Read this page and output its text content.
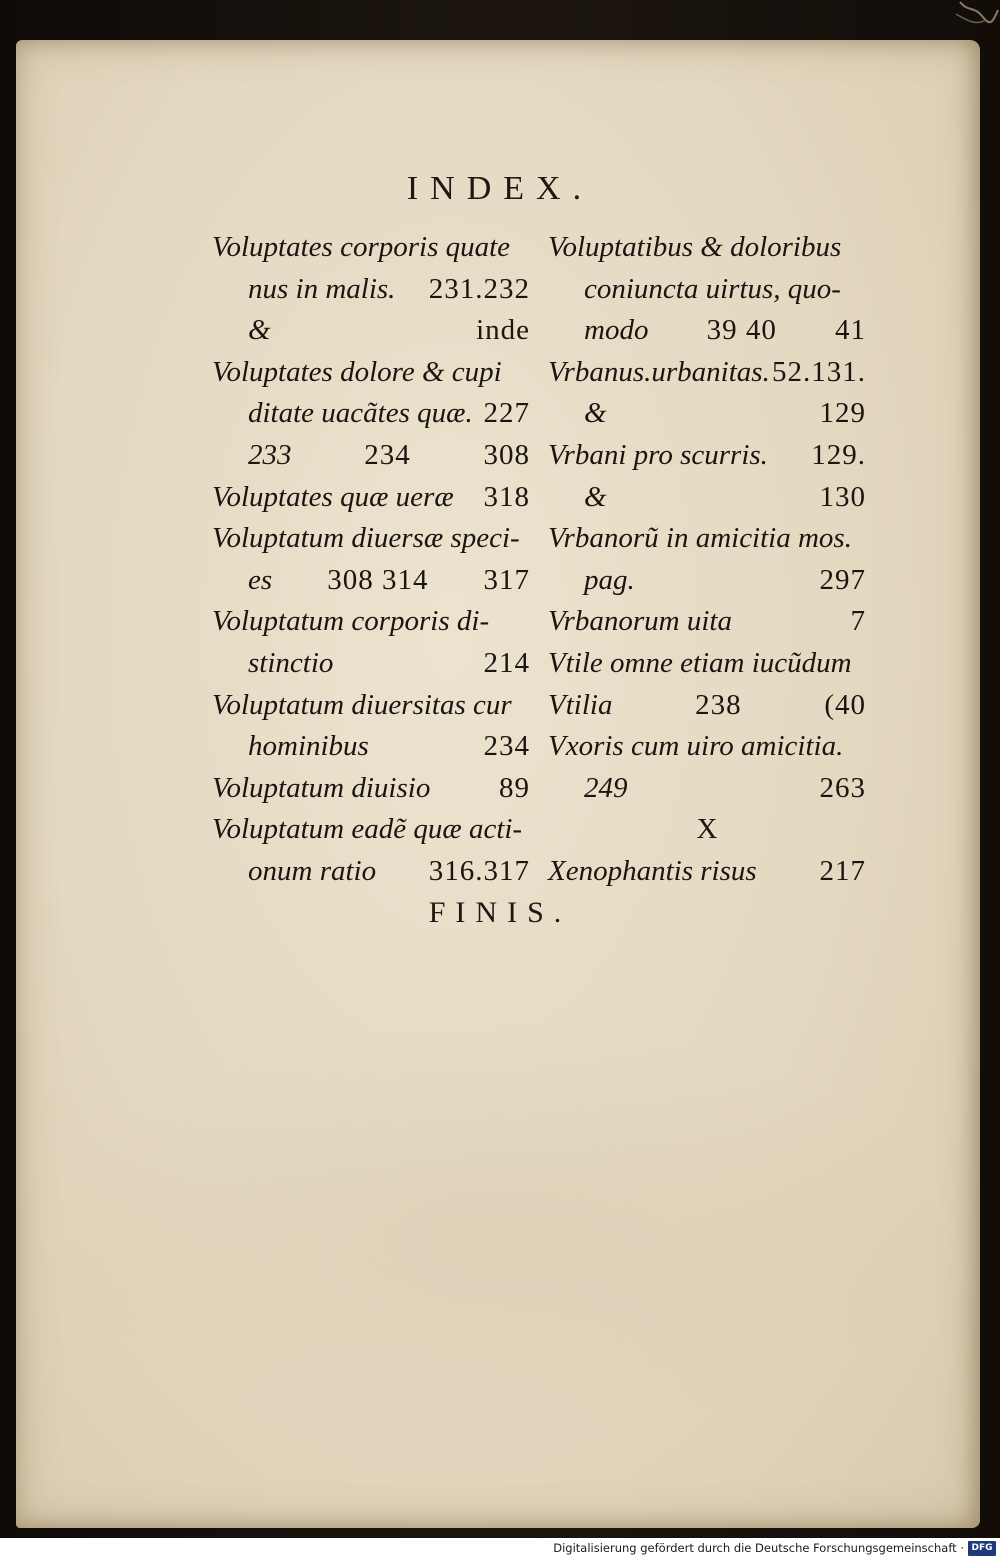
INDEX.
Voluptates corporis quate
nus in malis. 231.232
&	inde
Voluptates dolore & cupi
ditate uacãtes quæ. 227
233	234	308
Voluptates quæ ueræ 318
Voluptatum diuersæ speci-
es 308 314 317
Voluptatum corporis di-
stinctio	214
Voluptatum diuersitas cur
hominibus	234
Voluptatum diuisio 89
Voluptatum eadẽ quæ acti-
onum ratio 316.317
Voluptatibus & doloribus
coniuncta uirtus, quo-
modo 39 40 41
Vrbanus.urbanitas. 52.131.
&	129
Vrbani pro scurris. 129.
&	130
Vrbanorũ in amicitia mos.
pag.	297
Vrbanorum uita	7
Vtile omne etiam iucũdum
Vtilia	238	(40
Vxoris cum uiro amicitia.
249	263
X
Xenophantis risus 217
FINIS.
Digitalisierung gefördert durch die Deutsche Forschungsgemeinschaft · DFG
